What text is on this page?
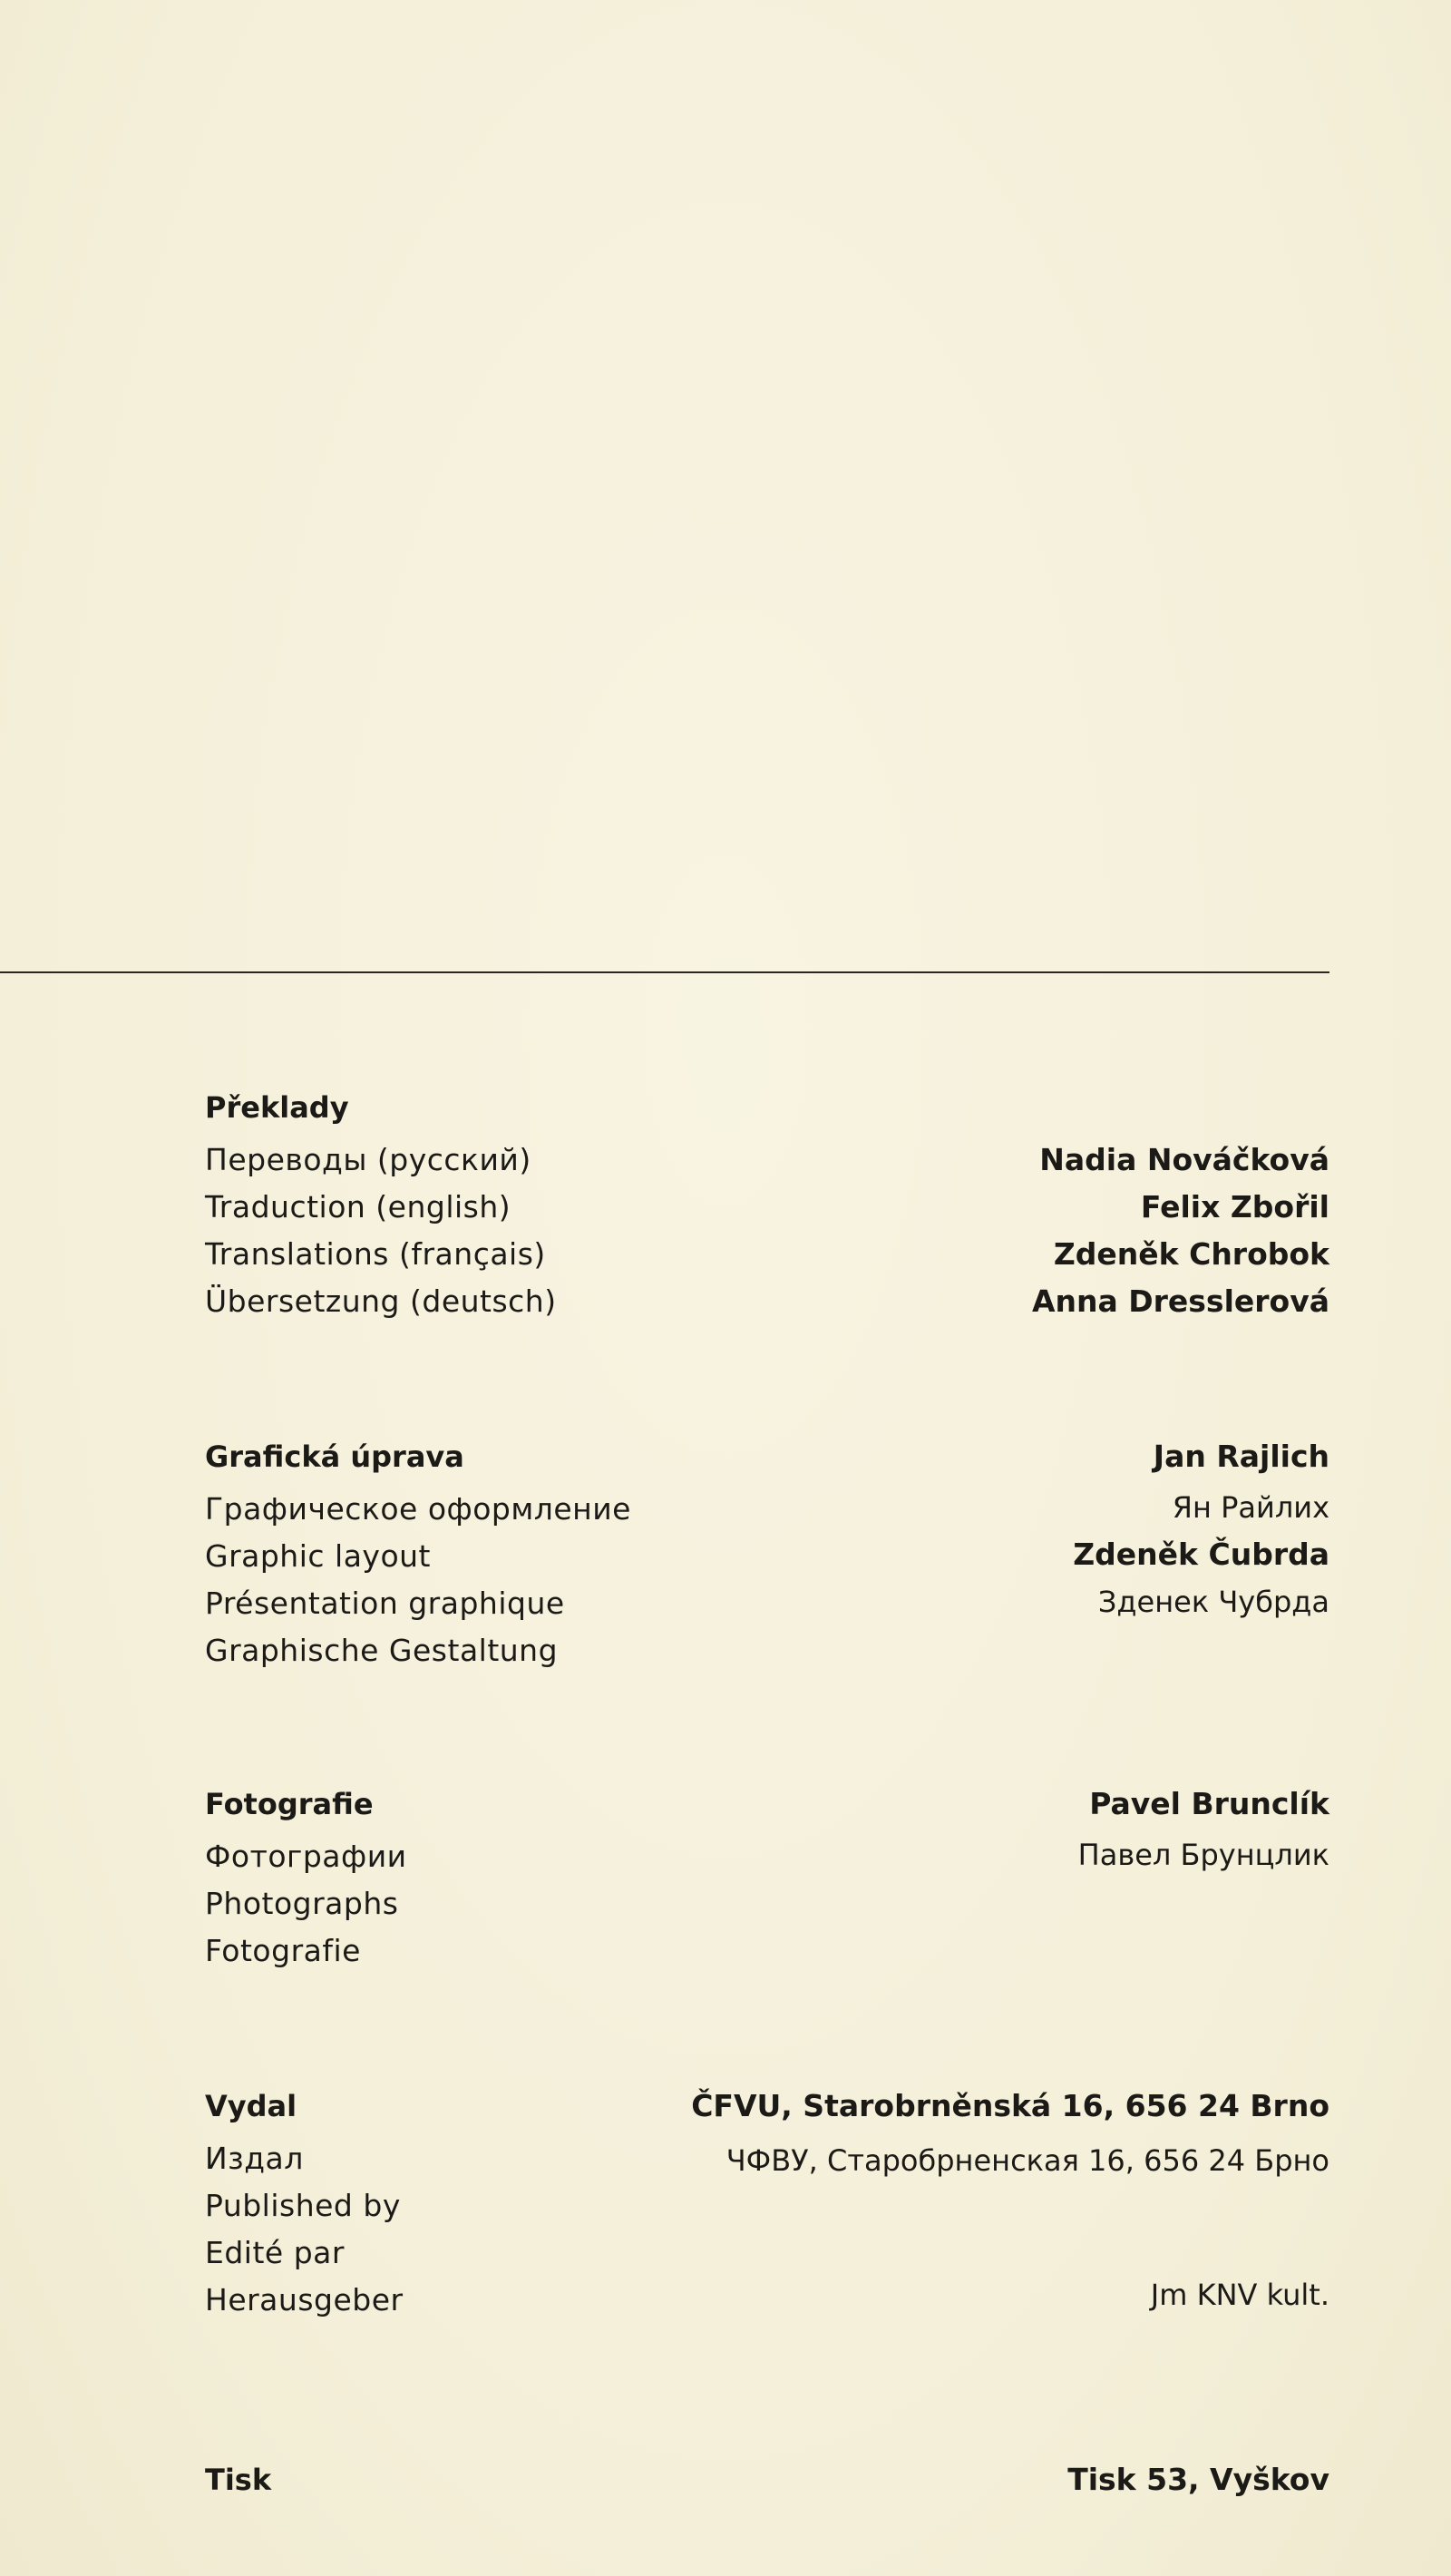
Překlady
Переводы (русский)
Traduction (english)
Translations (français)
Übersetzung (deutsch)
Nadia Nováčková
Felix Zbořil
Zdeněk Chrobok
Anna Dresslerová
Grafická úprava
Графическое оформление
Graphic layout
Présentation graphique
Graphische Gestaltung
Jan Rajlich
Ян Райлих
Zdeněk Čubrda
Зденек Чубрда
Fotografie
Фотографии
Photographs
Fotografie
Pavel Brunclík
Павел Брунцлик
Vydal
Издал
Published by
Edité par
Herausgeber
ČFVU, Starobrněnská 16, 656 24 Brno
ЧФВУ, Старобрненская 16, 656 24 Брно
Jm KNV kult.
Tisk	Tisk 53, Vyškov
